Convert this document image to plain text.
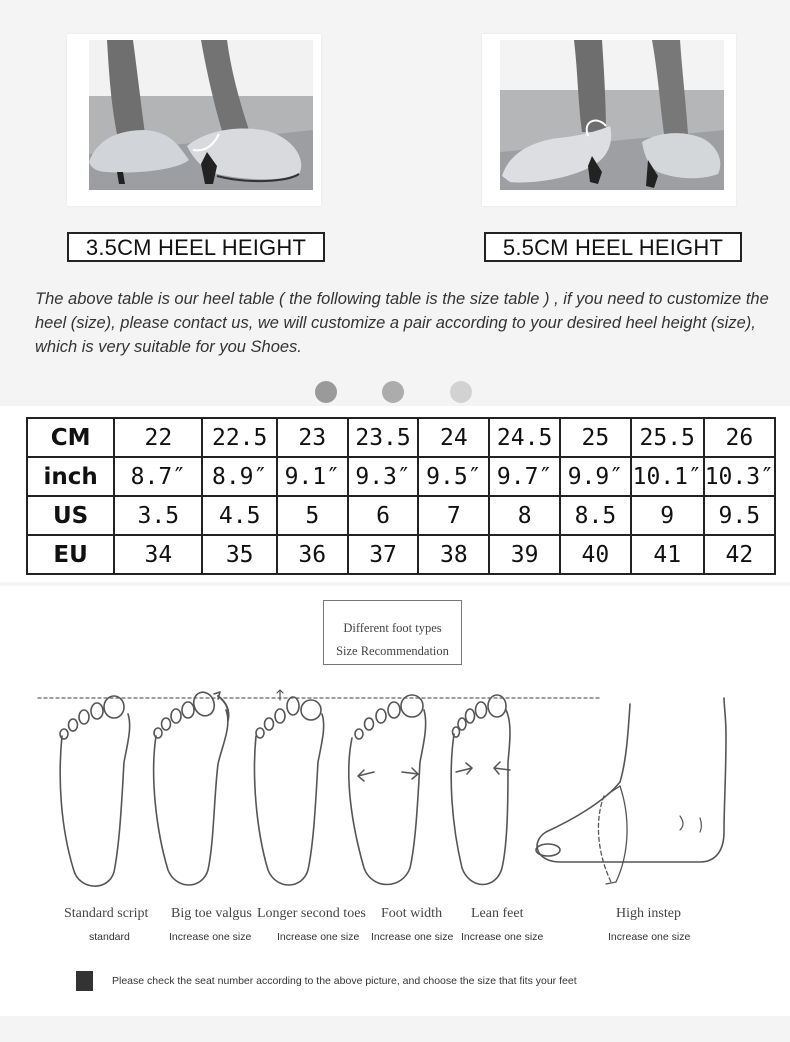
3.5CM HEEL HEIGHT	5.5CM HEEL HEIGHT

The above table is our heel table ( the following table is the size table ) , if you need to customize the heel (size), please contact us, we will customize a pair according to your desired heel height (size), which is very suitable for you Shoes.

CM	22	22.5	23	23.5	24	24.5	25	25.5	26
inch	8.7″	8.9″	9.1″	9.3″	9.5″	9.7″	9.9″	10.1″	10.3″
US	3.5	4.5	5	6	7	8	8.5	9	9.5
EU	34	35	36	37	38	39	40	41	42
Different foot types
Size Recommendation
Standard script
standard
Big toe valgus
Increase one size
Longer second toes
Increase one size
Foot width
Increase one size
Lean feet
Increase one size
High instep
Increase one size
Please check the seat number according to the above picture, and choose the size that fits your feet
